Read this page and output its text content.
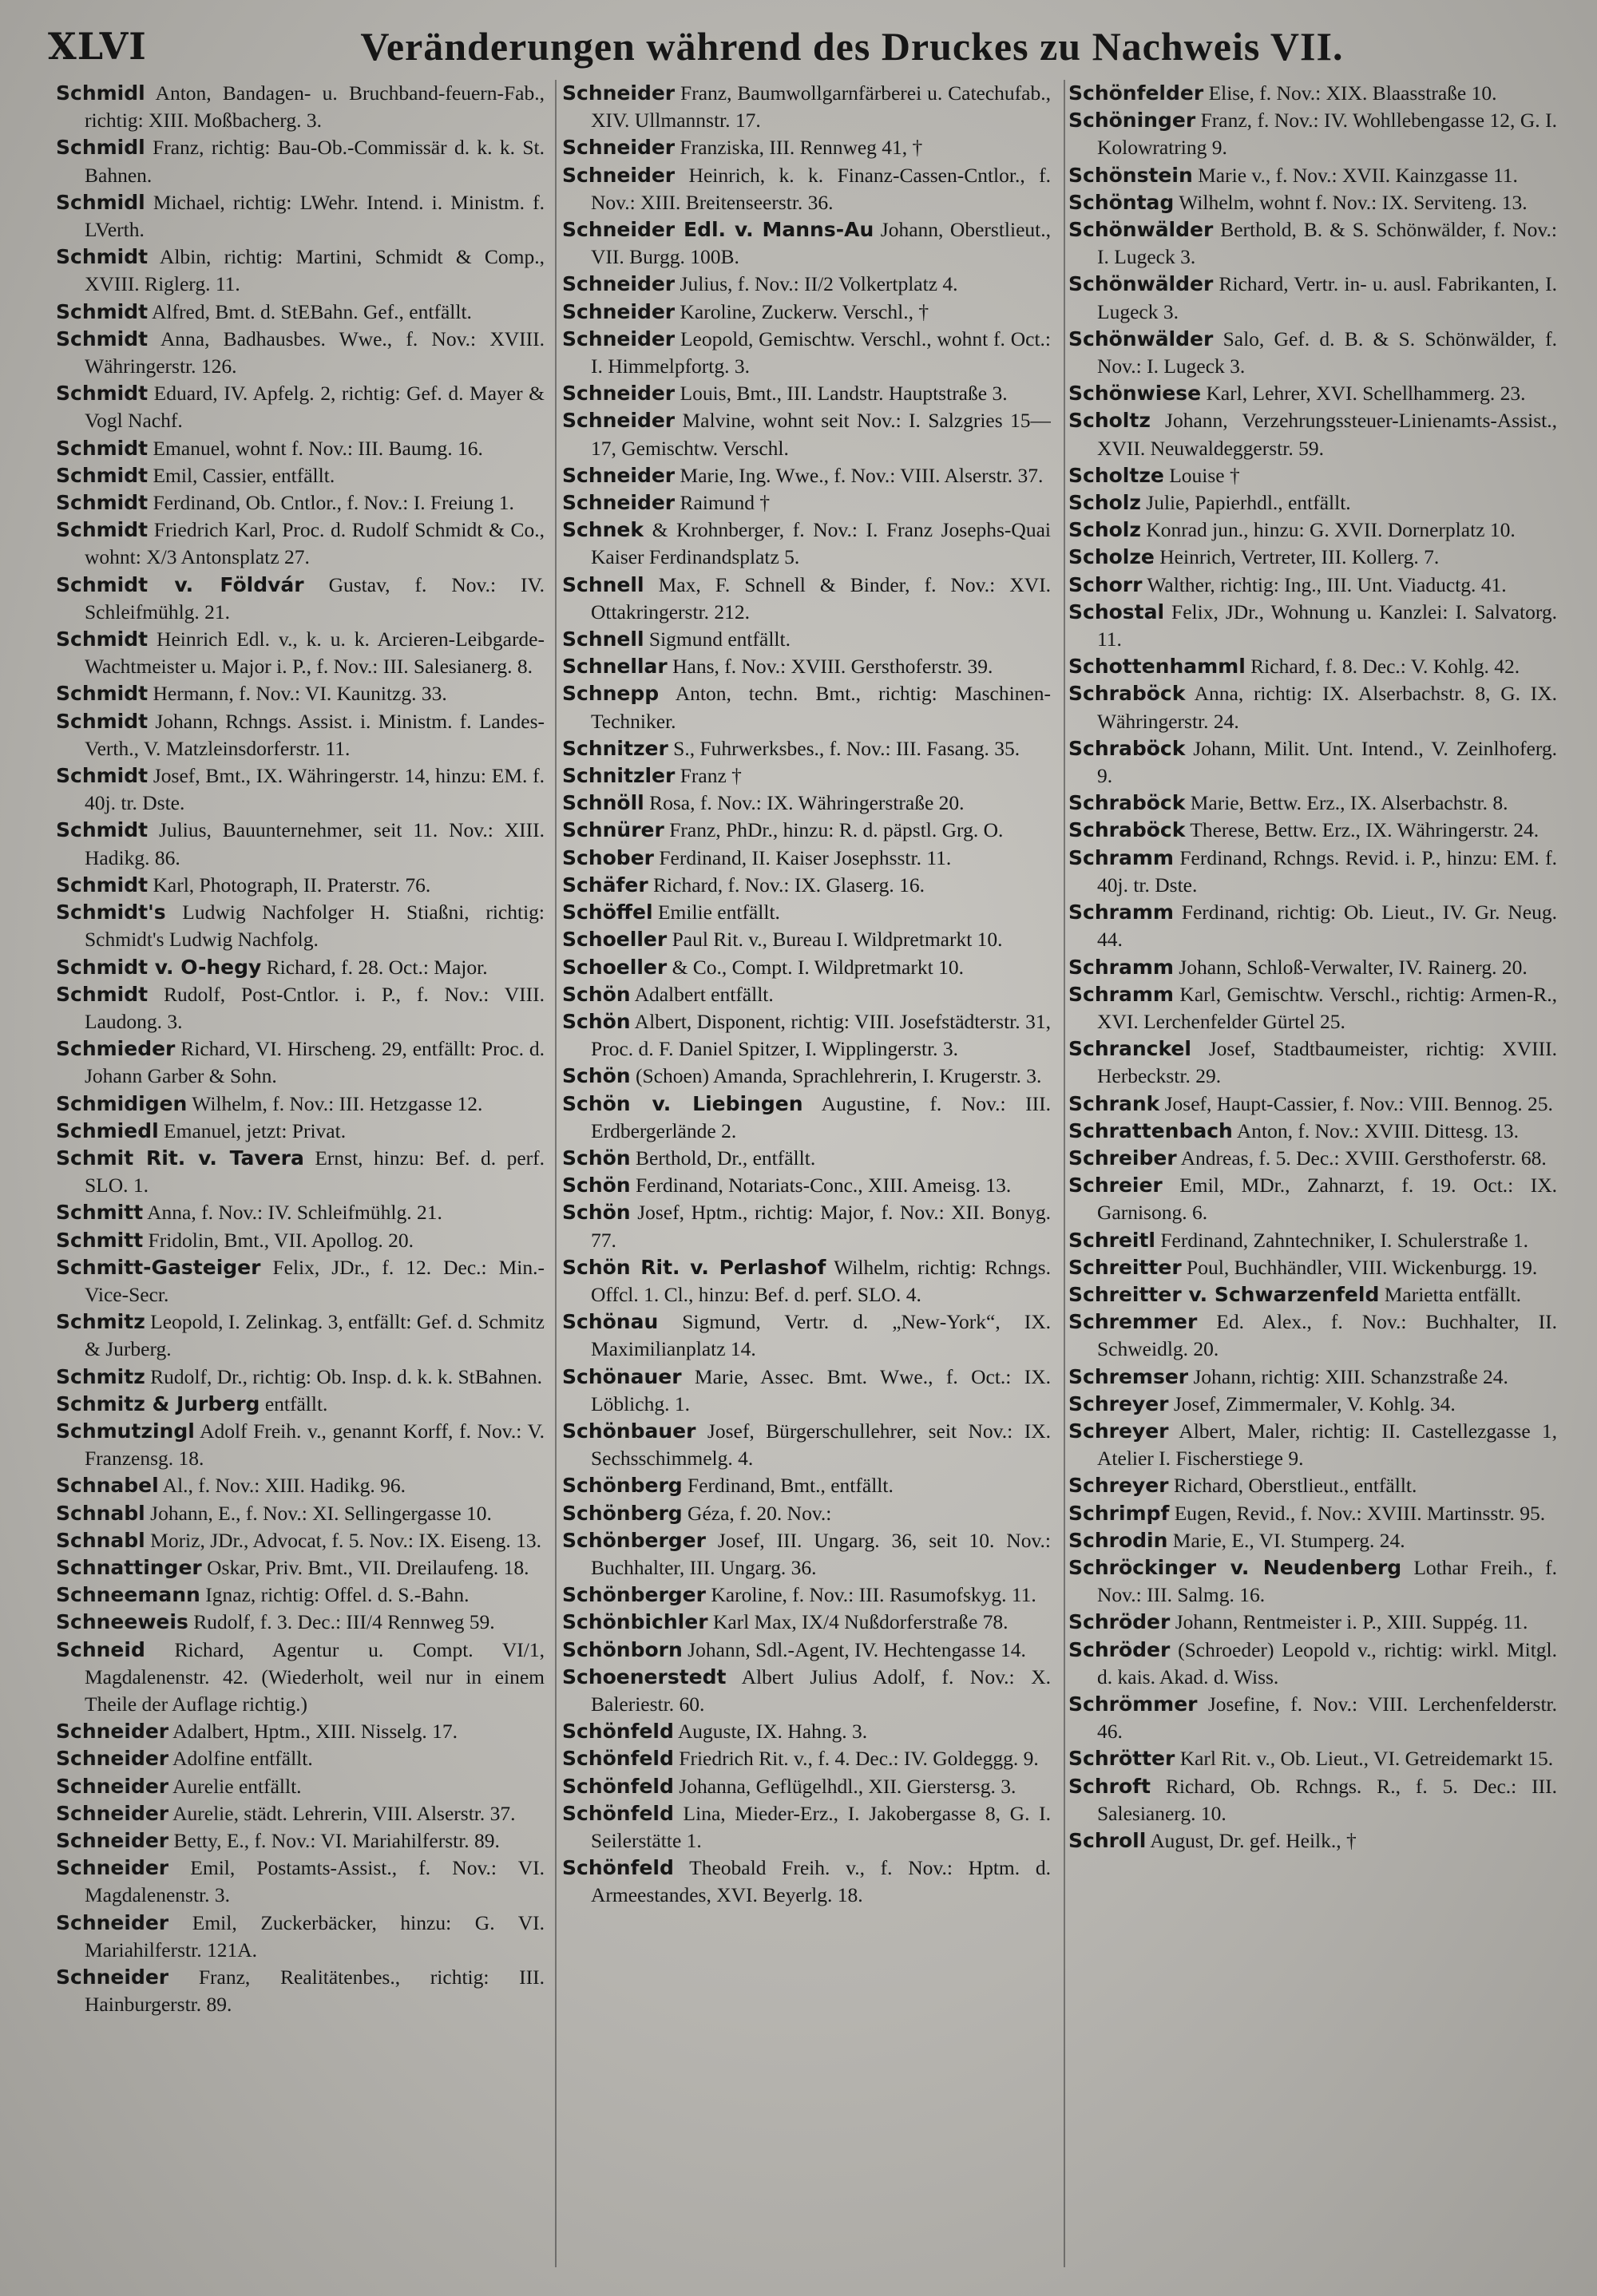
XLVI	Veränderungen während des Druckes zu Nachweis VII.

Schmidl Anton, Bandagen- u. Bruchband-feuern-Fab., richtig: XIII. Moßbacherg. 3.

Schmidl Franz, richtig: Bau-Ob.-Commissär d. k. k. St. Bahnen.

Schmidl Michael, richtig: LWehr. Intend. i. Ministm. f. LVerth.

Schmidt Albin, richtig: Martini, Schmidt & Comp., XVIII. Riglerg. 11.

Schmidt Alfred, Bmt. d. StEBahn. Gef., entfällt.

Schmidt Anna, Badhausbes. Wwe., f. Nov.: XVIII. Währingerstr. 126.

Schmidt Eduard, IV. Apfelg. 2, richtig: Gef. d. Mayer & Vogl Nachf.

Schmidt Emanuel, wohnt f. Nov.: III. Baumg. 16.

Schmidt Emil, Cassier, entfällt.

Schmidt Ferdinand, Ob. Cntlor., f. Nov.: I. Freiung 1.

Schmidt Friedrich Karl, Proc. d. Rudolf Schmidt & Co., wohnt: X/3 Antonsplatz 27.

Schmidt v. Földvár Gustav, f. Nov.: IV. Schleifmühlg. 21.

Schmidt Heinrich Edl. v., k. u. k. Arcieren-Leibgarde-Wachtmeister u. Major i. P., f. Nov.: III. Salesianerg. 8.

Schmidt Hermann, f. Nov.: VI. Kaunitzg. 33.

Schmidt Johann, Rchngs. Assist. i. Ministm. f. Landes-Verth., V. Matzleinsdorferstr. 11.

Schmidt Josef, Bmt., IX. Währingerstr. 14, hinzu: EM. f. 40j. tr. Dste.

Schmidt Julius, Bauunternehmer, seit 11. Nov.: XIII. Hadikg. 86.

Schmidt Karl, Photograph, II. Praterstr. 76.

Schmidt's Ludwig Nachfolger H. Stiaßni, richtig: Schmidt's Ludwig Nachfolg.

Schmidt v. O-hegy Richard, f. 28. Oct.: Major.

Schmidt Rudolf, Post-Cntlor. i. P., f. Nov.: VIII. Laudong. 3.

Schmieder Richard, VI. Hirscheng. 29, entfällt: Proc. d. Johann Garber & Sohn.

Schmidigen Wilhelm, f. Nov.: III. Hetzgasse 12.

Schmiedl Emanuel, jetzt: Privat.

Schmit Rit. v. Tavera Ernst, hinzu: Bef. d. perf. SLO. 1.

Schmitt Anna, f. Nov.: IV. Schleifmühlg. 21.

Schmitt Fridolin, Bmt., VII. Apollog. 20.

Schmitt-Gasteiger Felix, JDr., f. 12. Dec.: Min.-Vice-Secr.

Schmitz Leopold, I. Zelinkag. 3, entfällt: Gef. d. Schmitz & Jurberg.

Schmitz Rudolf, Dr., richtig: Ob. Insp. d. k. k. StBahnen.

Schmitz & Jurberg entfällt.

Schmutzingl Adolf Freih. v., genannt Korff, f. Nov.: V. Franzensg. 18.

Schnabel Al., f. Nov.: XIII. Hadikg. 96.

Schnabl Johann, E., f. Nov.: XI. Sellingergasse 10.

Schnabl Moriz, JDr., Advocat, f. 5. Nov.: IX. Eiseng. 13.

Schnattinger Oskar, Priv. Bmt., VII. Dreilaufeng. 18.

Schneemann Ignaz, richtig: Offel. d. S.-Bahn.

Schneeweis Rudolf, f. 3. Dec.: III/4 Rennweg 59.

Schneid Richard, Agentur u. Compt. VI/1, Magdalenenstr. 42. (Wiederholt, weil nur in einem Theile der Auflage richtig.)

Schneider Adalbert, Hptm., XIII. Nisselg. 17.

Schneider Adolfine entfällt.

Schneider Aurelie entfällt.

Schneider Aurelie, städt. Lehrerin, VIII. Alserstr. 37.

Schneider Betty, E., f. Nov.: VI. Mariahilferstr. 89.

Schneider Emil, Postamts-Assist., f. Nov.: VI. Magdalenenstr. 3.

Schneider Emil, Zuckerbäcker, hinzu: G. VI. Mariahilferstr. 121A.

Schneider Franz, Realitätenbes., richtig: III. Hainburgerstr. 89.

Schneider Franz, Baumwollgarnfärberei u. Catechufab., XIV. Ullmannstr. 17.

Schneider Franziska, III. Rennweg 41, †

Schneider Heinrich, k. k. Finanz-Cassen-Cntlor., f. Nov.: XIII. Breitenseerstr. 36.

Schneider Edl. v. Manns-Au Johann, Oberstlieut., VII. Burgg. 100B.

Schneider Julius, f. Nov.: II/2 Volkertplatz 4.

Schneider Karoline, Zuckerw. Verschl., †

Schneider Leopold, Gemischtw. Verschl., wohnt f. Oct.: I. Himmelpfortg. 3.

Schneider Louis, Bmt., III. Landstr. Hauptstraße 3.

Schneider Malvine, wohnt seit Nov.: I. Salzgries 15—17, Gemischtw. Verschl.

Schneider Marie, Ing. Wwe., f. Nov.: VIII. Alserstr. 37.

Schneider Raimund †

Schnek & Krohnberger, f. Nov.: I. Franz Josephs-Quai Kaiser Ferdinandsplatz 5.

Schnell Max, F. Schnell & Binder, f. Nov.: XVI. Ottakringerstr. 212.

Schnell Sigmund entfällt.

Schnellar Hans, f. Nov.: XVIII. Gersthoferstr. 39.

Schnepp Anton, techn. Bmt., richtig: Maschinen-Techniker.

Schnitzer S., Fuhrwerksbes., f. Nov.: III. Fasang. 35.

Schnitzler Franz †

Schnöll Rosa, f. Nov.: IX. Währingerstraße 20.

Schnürer Franz, PhDr., hinzu: R. d. päpstl. Grg. O.

Schober Ferdinand, II. Kaiser Josephsstr. 11.

Schäfer Richard, f. Nov.: IX. Glaserg. 16.

Schöffel Emilie entfällt.

Schoeller Paul Rit. v., Bureau I. Wildpretmarkt 10.

Schoeller & Co., Compt. I. Wildpretmarkt 10.

Schön Adalbert entfällt.

Schön Albert, Disponent, richtig: VIII. Josefstädterstr. 31, Proc. d. F. Daniel Spitzer, I. Wipplingerstr. 3.

Schön (Schoen) Amanda, Sprachlehrerin, I. Krugerstr. 3.

Schön v. Liebingen Augustine, f. Nov.: III. Erdbergerlände 2.

Schön Berthold, Dr., entfällt.

Schön Ferdinand, Notariats-Conc., XIII. Ameisg. 13.

Schön Josef, Hptm., richtig: Major, f. Nov.: XII. Bonyg. 77.

Schön Rit. v. Perlashof Wilhelm, richtig: Rchngs. Offcl. 1. Cl., hinzu: Bef. d. perf. SLO. 4.

Schönau Sigmund, Vertr. d. „New-York“, IX. Maximilianplatz 14.

Schönauer Marie, Assec. Bmt. Wwe., f. Oct.: IX. Löblichg. 1.

Schönbauer Josef, Bürgerschullehrer, seit Nov.: IX. Sechsschimmelg. 4.

Schönberg Ferdinand, Bmt., entfällt.

Schönberg Géza, f. 20. Nov.:

Schönberger Josef, III. Ungarg. 36, seit 10. Nov.: Buchhalter, III. Ungarg. 36.

Schönberger Karoline, f. Nov.: III. Rasumofskyg. 11.

Schönbichler Karl Max, IX/4 Nußdorferstraße 78.

Schönborn Johann, Sdl.-Agent, IV. Hechtengasse 14.

Schoenerstedt Albert Julius Adolf, f. Nov.: X. Baleriestr. 60.

Schönfeld Auguste, IX. Hahng. 3.

Schönfeld Friedrich Rit. v., f. 4. Dec.: IV. Goldeggg. 9.

Schönfeld Johanna, Geflügelhdl., XII. Gierstersg. 3.

Schönfeld Lina, Mieder-Erz., I. Jakobergasse 8, G. I. Seilerstätte 1.

Schönfeld Theobald Freih. v., f. Nov.: Hptm. d. Armeestandes, XVI. Beyerlg. 18.

Schönfelder Elise, f. Nov.: XIX. Blaasstraße 10.

Schöninger Franz, f. Nov.: IV. Wohllebengasse 12, G. I. Kolowratring 9.

Schönstein Marie v., f. Nov.: XVII. Kainzgasse 11.

Schöntag Wilhelm, wohnt f. Nov.: IX. Serviteng. 13.

Schönwälder Berthold, B. & S. Schönwälder, f. Nov.: I. Lugeck 3.

Schönwälder Richard, Vertr. in- u. ausl. Fabrikanten, I. Lugeck 3.

Schönwälder Salo, Gef. d. B. & S. Schönwälder, f. Nov.: I. Lugeck 3.

Schönwiese Karl, Lehrer, XVI. Schellhammerg. 23.

Scholtz Johann, Verzehrungssteuer-Linienamts-Assist., XVII. Neuwaldeggerstr. 59.

Scholtze Louise †

Scholz Julie, Papierhdl., entfällt.

Scholz Konrad jun., hinzu: G. XVII. Dornerplatz 10.

Scholze Heinrich, Vertreter, III. Kollerg. 7.

Schorr Walther, richtig: Ing., III. Unt. Viaductg. 41.

Schostal Felix, JDr., Wohnung u. Kanzlei: I. Salvatorg. 11.

Schottenhamml Richard, f. 8. Dec.: V. Kohlg. 42.

Schraböck Anna, richtig: IX. Alserbachstr. 8, G. IX. Währingerstr. 24.

Schraböck Johann, Milit. Unt. Intend., V. Zeinlhoferg. 9.

Schraböck Marie, Bettw. Erz., IX. Alserbachstr. 8.

Schraböck Therese, Bettw. Erz., IX. Währingerstr. 24.

Schramm Ferdinand, Rchngs. Revid. i. P., hinzu: EM. f. 40j. tr. Dste.

Schramm Ferdinand, richtig: Ob. Lieut., IV. Gr. Neug. 44.

Schramm Johann, Schloß-Verwalter, IV. Rainerg. 20.

Schramm Karl, Gemischtw. Verschl., richtig: Armen-R., XVI. Lerchenfelder Gürtel 25.

Schranckel Josef, Stadtbaumeister, richtig: XVIII. Herbeckstr. 29.

Schrank Josef, Haupt-Cassier, f. Nov.: VIII. Bennog. 25.

Schrattenbach Anton, f. Nov.: XVIII. Dittesg. 13.

Schreiber Andreas, f. 5. Dec.: XVIII. Gersthoferstr. 68.

Schreier Emil, MDr., Zahnarzt, f. 19. Oct.: IX. Garnisong. 6.

Schreitl Ferdinand, Zahntechniker, I. Schulerstraße 1.

Schreitter Poul, Buchhändler, VIII. Wickenburgg. 19.

Schreitter v. Schwarzenfeld Marietta entfällt.

Schremmer Ed. Alex., f. Nov.: Buchhalter, II. Schweidlg. 20.

Schremser Johann, richtig: XIII. Schanzstraße 24.

Schreyer Josef, Zimmermaler, V. Kohlg. 34.

Schreyer Albert, Maler, richtig: II. Castellezgasse 1, Atelier I. Fischerstiege 9.

Schreyer Richard, Oberstlieut., entfällt.

Schrimpf Eugen, Revid., f. Nov.: XVIII. Martinsstr. 95.

Schrodin Marie, E., VI. Stumperg. 24.

Schröckinger v. Neudenberg Lothar Freih., f. Nov.: III. Salmg. 16.

Schröder Johann, Rentmeister i. P., XIII. Suppég. 11.

Schröder (Schroeder) Leopold v., richtig: wirkl. Mitgl. d. kais. Akad. d. Wiss.

Schrömmer Josefine, f. Nov.: VIII. Lerchenfelderstr. 46.

Schrötter Karl Rit. v., Ob. Lieut., VI. Getreidemarkt 15.

Schroft Richard, Ob. Rchngs. R., f. 5. Dec.: III. Salesianerg. 10.

Schroll August, Dr. gef. Heilk., †
